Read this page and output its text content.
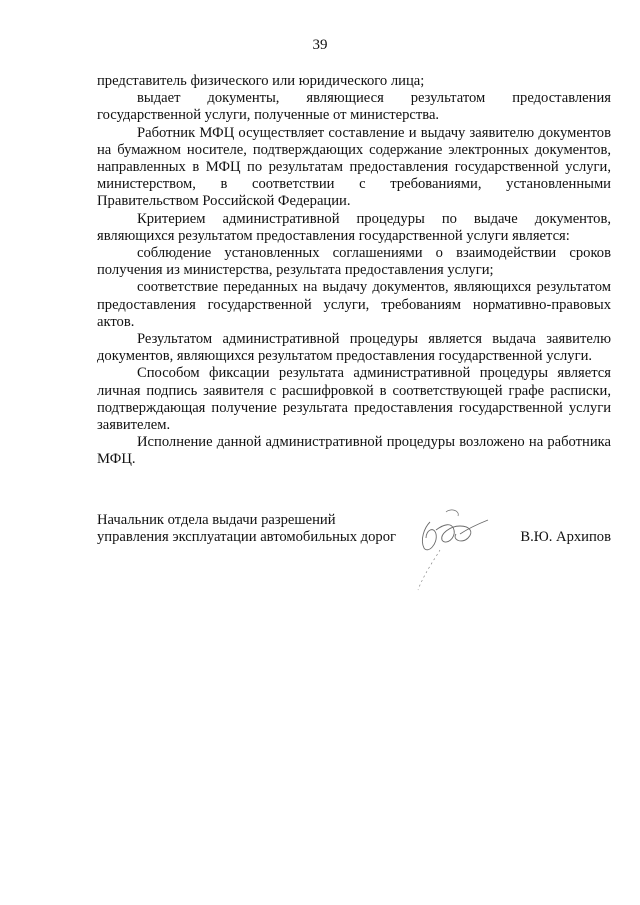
39

представитель физического или юридического лица;

выдает документы, являющиеся результатом предоставления государственной услуги, полученные от министерства.

Работник МФЦ осуществляет составление и выдачу заявителю документов на бумажном носителе, подтверждающих содержание электронных документов, направленных в МФЦ по результатам предоставления государственной услуги, министерством, в соответствии с требованиями, установленными Правительством Российской Федерации.

Критерием административной процедуры по выдаче документов, являющихся результатом предоставления государственной услуги является:

соблюдение установленных соглашениями о взаимодействии сроков получения из министерства, результата предоставления услуги;

соответствие переданных на выдачу документов, являющихся результатом предоставления государственной услуги, требованиям нормативно-правовых актов.

Результатом административной процедуры является выдача заявителю документов, являющихся результатом предоставления государственной услуги.

Способом фиксации результата административной процедуры является личная подпись заявителя с расшифровкой в соответствующей графе расписки, подтверждающая получение результата предоставления государственной услуги заявителем.

Исполнение данной административной процедуры возложено на работника МФЦ.

Начальник отдела выдачи разрешений
управления эксплуатации автомобильных дорог	В.Ю. Архипов
